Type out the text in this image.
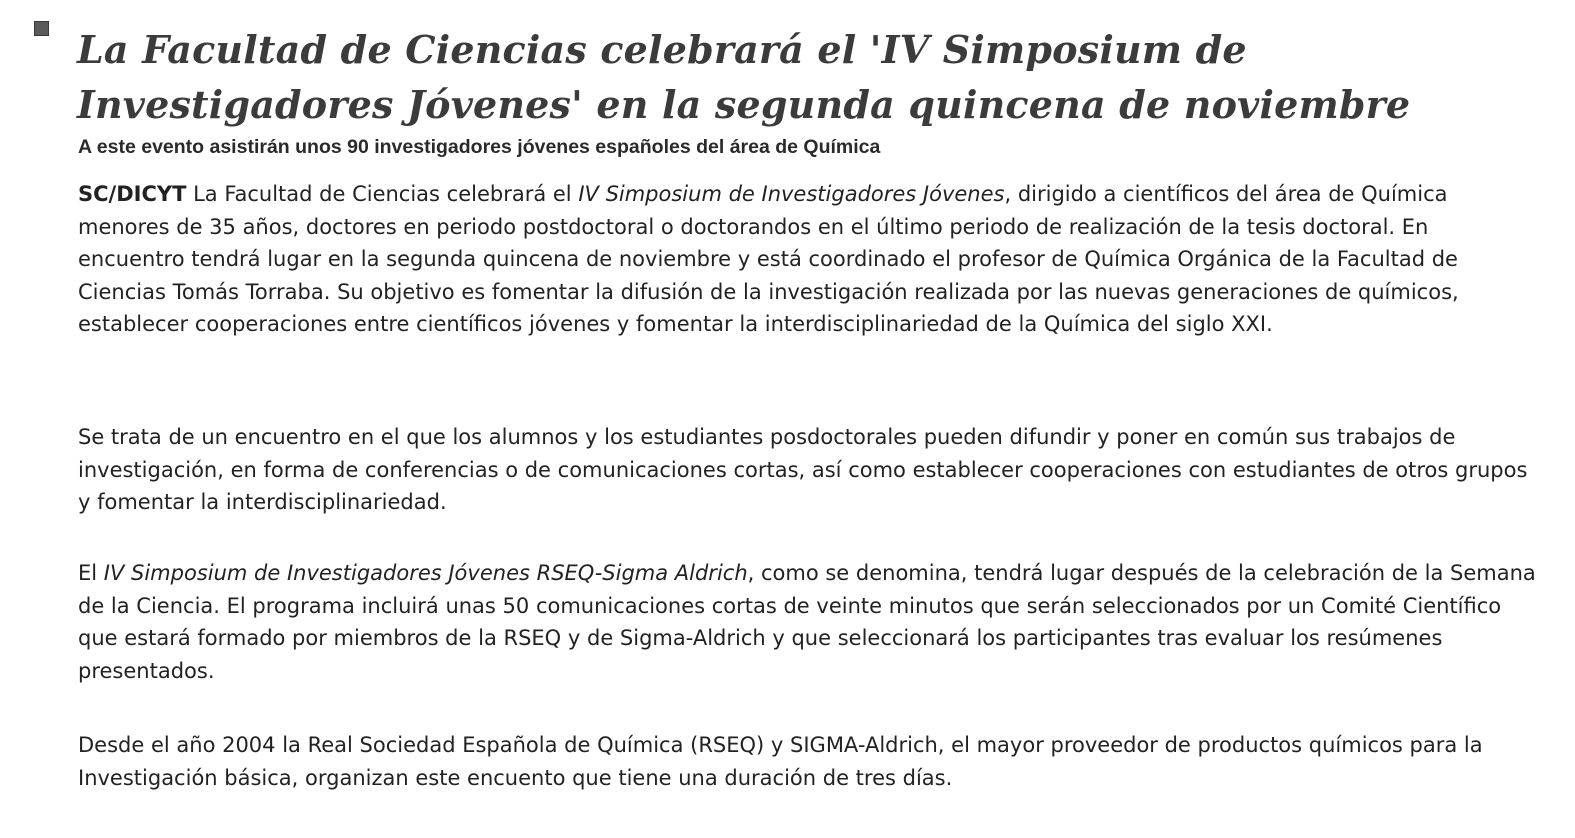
La Facultad de Ciencias celebrará el 'IV Simposium de Investigadores Jóvenes' en la segunda quincena de noviembre

A este evento asistirán unos 90 investigadores jóvenes españoles del área de Química

SC/DICYT La Facultad de Ciencias celebrará el IV Simposium de Investigadores Jóvenes, dirigido a científicos del área de Química menores de 35 años, doctores en periodo postdoctoral o doctorandos en el último periodo de realización de la tesis doctoral. En encuentro tendrá lugar en la segunda quincena de noviembre y está coordinado el profesor de Química Orgánica de la Facultad de Ciencias Tomás Torraba. Su objetivo es fomentar la difusión de la investigación realizada por las nuevas generaciones de químicos, establecer cooperaciones entre científicos jóvenes y fomentar la interdisciplinariedad de la Química del siglo XXI.

Se trata de un encuentro en el que los alumnos y los estudiantes posdoctorales pueden difundir y poner en común sus trabajos de investigación, en forma de conferencias o de comunicaciones cortas, así como establecer cooperaciones con estudiantes de otros grupos y fomentar la interdisciplinariedad.

El IV Simposium de Investigadores Jóvenes RSEQ-Sigma Aldrich, como se denomina, tendrá lugar después de la celebración de la Semana de la Ciencia. El programa incluirá unas 50 comunicaciones cortas de veinte minutos que serán seleccionados por un Comité Científico que estará formado por miembros de la RSEQ y de Sigma-Aldrich y que seleccionará los participantes tras evaluar los resúmenes presentados.

Desde el año 2004 la Real Sociedad Española de Química (RSEQ) y SIGMA-Aldrich, el mayor proveedor de productos químicos para la Investigación básica, organizan este encuento que tiene una duración de tres días.
